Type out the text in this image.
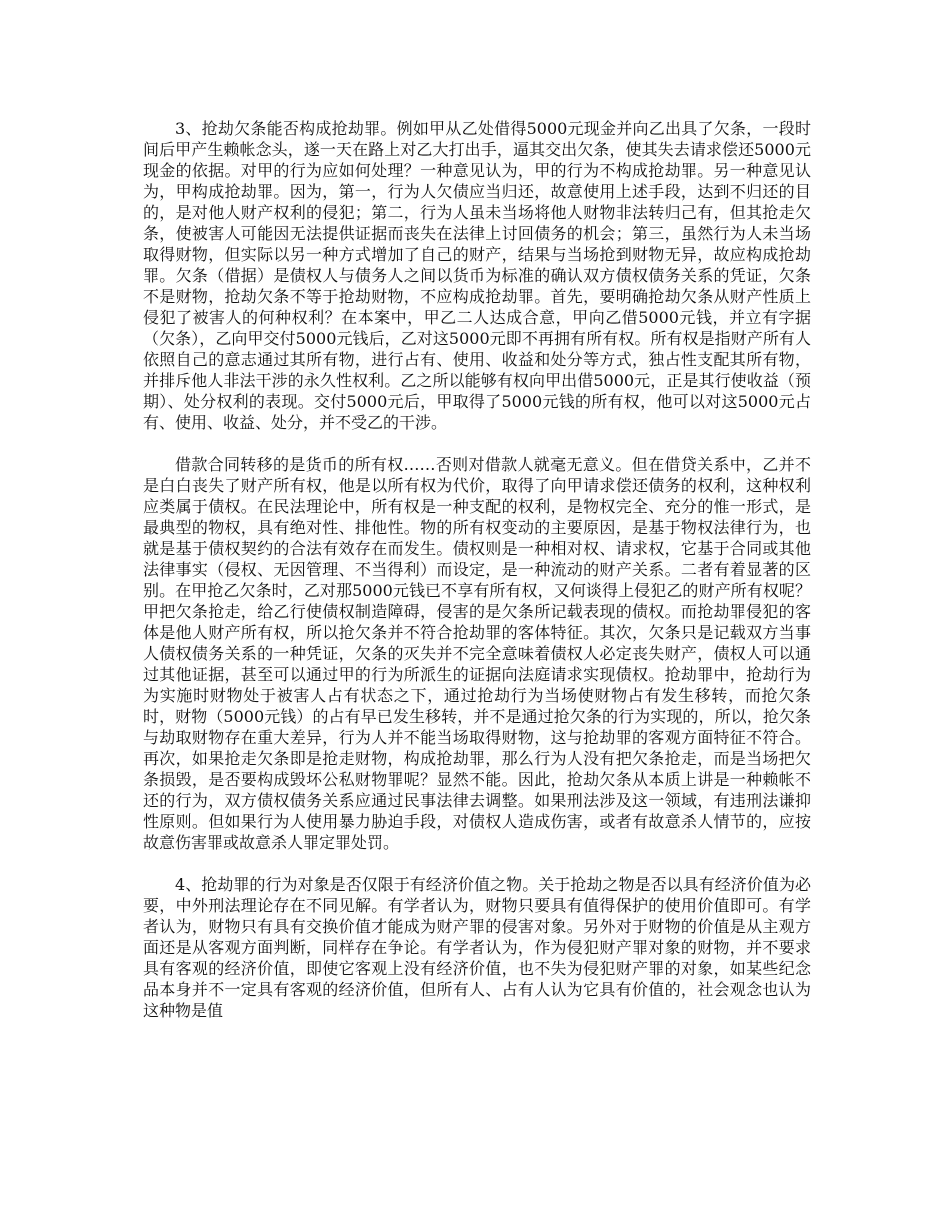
3、抢劫欠条能否构成抢劫罪。例如甲从乙处借得5000元现金并向乙出具了欠条，一段时间后甲产生赖帐念头，遂一天在路上对乙大打出手，逼其交出欠条，使其失去请求偿还5000元现金的依据。对甲的行为应如何处理？一种意见认为，甲的行为不构成抢劫罪。另一种意见认为，甲构成抢劫罪。因为，第一，行为人欠债应当归还，故意使用上述手段，达到不归还的目的，是对他人财产权利的侵犯；第二，行为人虽未当场将他人财物非法转归己有，但其抢走欠条，使被害人可能因无法提供证据而丧失在法律上讨回债务的机会；第三，虽然行为人未当场取得财物，但实际以另一种方式增加了自己的财产，结果与当场抢到财物无异，故应构成抢劫罪。欠条（借据）是债权人与债务人之间以货币为标准的确认双方债权债务关系的凭证，欠条不是财物，抢劫欠条不等于抢劫财物，不应构成抢劫罪。首先，要明确抢劫欠条从财产性质上侵犯了被害人的何种权利？在本案中，甲乙二人达成合意，甲向乙借5000元钱，并立有字据（欠条），乙向甲交付5000元钱后，乙对这5000元即不再拥有所有权。所有权是指财产所有人依照自己的意志通过其所有物，进行占有、使用、收益和处分等方式，独占性支配其所有物，并排斥他人非法干涉的永久性权利。乙之所以能够有权向甲出借5000元，正是其行使收益（预期）、处分权利的表现。交付5000元后，甲取得了5000元钱的所有权，他可以对这5000元占有、使用、收益、处分，并不受乙的干涉。

借款合同转移的是货币的所有权……否则对借款人就毫无意义。但在借贷关系中，乙并不是白白丧失了财产所有权，他是以所有权为代价，取得了向甲请求偿还债务的权利，这种权利应类属于债权。在民法理论中，所有权是一种支配的权利，是物权完全、充分的惟一形式，是最典型的物权，具有绝对性、排他性。物的所有权变动的主要原因，是基于物权法律行为，也就是基于债权契约的合法有效存在而发生。债权则是一种相对权、请求权，它基于合同或其他法律事实（侵权、无因管理、不当得利）而设定，是一种流动的财产关系。二者有着显著的区别。在甲抢乙欠条时，乙对那5000元钱已不享有所有权，又何谈得上侵犯乙的财产所有权呢？甲把欠条抢走，给乙行使债权制造障碍，侵害的是欠条所记载表现的债权。而抢劫罪侵犯的客体是他人财产所有权，所以抢欠条并不符合抢劫罪的客体特征。其次，欠条只是记载双方当事人债权债务关系的一种凭证，欠条的灭失并不完全意味着债权人必定丧失财产，债权人可以通过其他证据，甚至可以通过甲的行为所派生的证据向法庭请求实现债权。抢劫罪中，抢劫行为为实施时财物处于被害人占有状态之下，通过抢劫行为当场使财物占有发生移转，而抢欠条时，财物（5000元钱）的占有早已发生移转，并不是通过抢欠条的行为实现的，所以，抢欠条与劫取财物存在重大差异，行为人并不能当场取得财物，这与抢劫罪的客观方面特征不符合。再次，如果抢走欠条即是抢走财物，构成抢劫罪，那么行为人没有把欠条抢走，而是当场把欠条损毁，是否要构成毁坏公私财物罪呢？显然不能。因此，抢劫欠条从本质上讲是一种赖帐不还的行为，双方债权债务关系应通过民事法律去调整。如果刑法涉及这一领域，有违刑法谦抑性原则。但如果行为人使用暴力胁迫手段，对债权人造成伤害，或者有故意杀人情节的，应按故意伤害罪或故意杀人罪定罪处罚。

4、抢劫罪的行为对象是否仅限于有经济价值之物。关于抢劫之物是否以具有经济价值为必要，中外刑法理论存在不同见解。有学者认为，财物只要具有值得保护的使用价值即可。有学者认为，财物只有具有交换价值才能成为财产罪的侵害对象。另外对于财物的价值是从主观方面还是从客观方面判断，同样存在争论。有学者认为，作为侵犯财产罪对象的财物，并不要求具有客观的经济价值，即使它客观上没有经济价值，也不失为侵犯财产罪的对象，如某些纪念品本身并不一定具有客观的经济价值，但所有人、占有人认为它具有价值的，社会观念也认为这种物是值
